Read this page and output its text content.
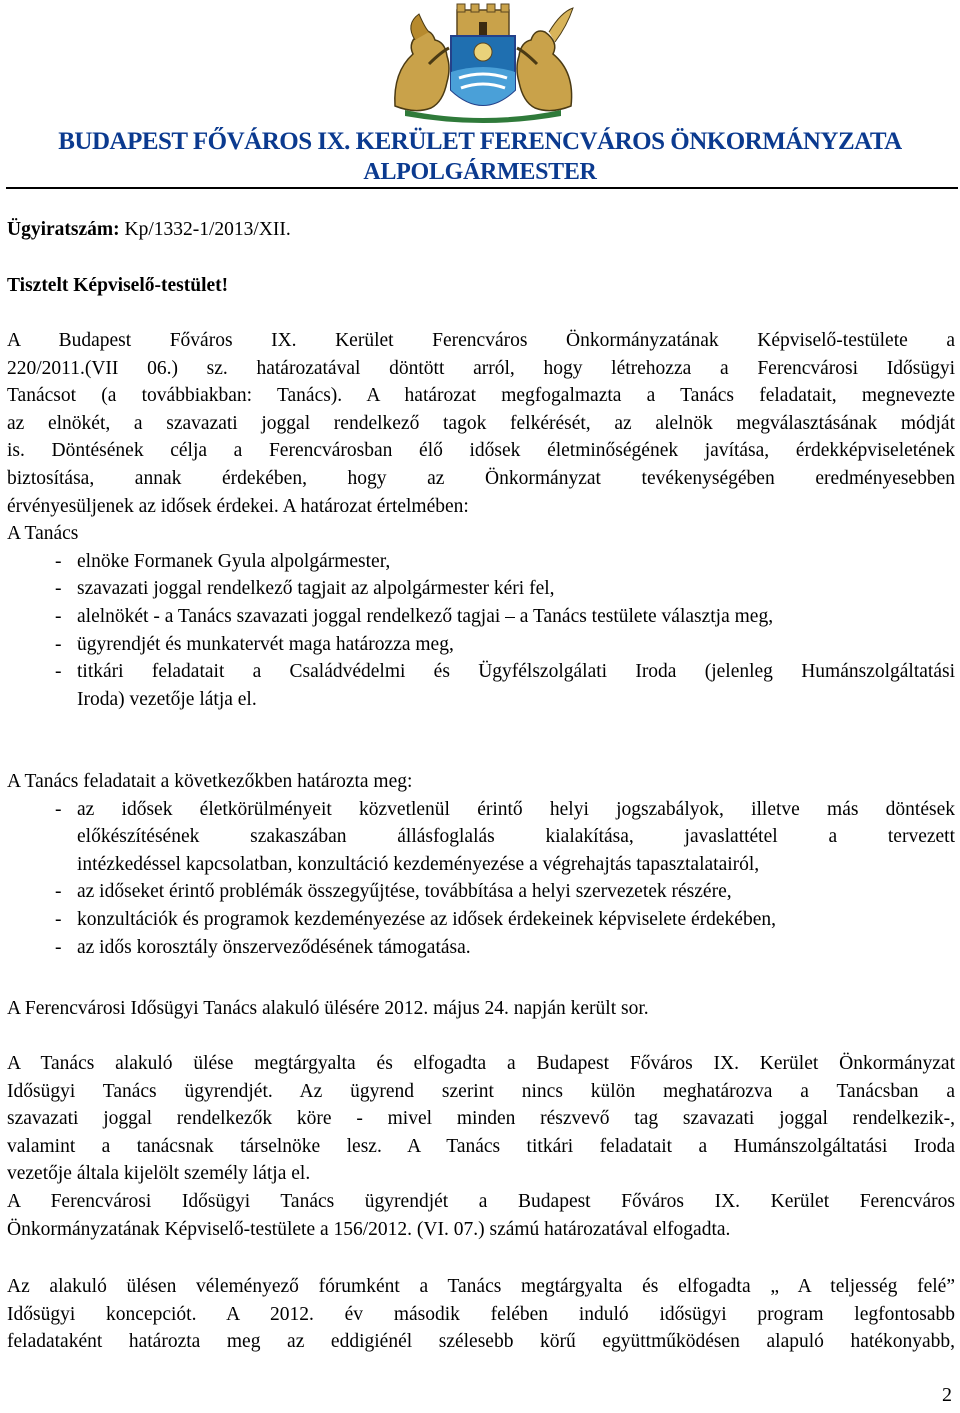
BUDAPEST FŐVÁROS IX. KERÜLET FERENCVÁROS ÖNKORMÁNYZATA
ALPOLGÁRMESTER
Ügyiratszám: Kp/1332-1/2013/XII.
Tisztelt Képviselő-testület!
A Budapest Főváros IX. Kerület Ferencváros Önkormányzatának Képviselő-testülete a
220/2011.(VII 06.) sz. határozatával döntött arról, hogy létrehozza a Ferencvárosi Idősügyi
Tanácsot (a továbbiakban: Tanács). A határozat megfogalmazta a Tanács feladatait, megnevezte
az elnökét, a szavazati joggal rendelkező tagok felkérését, az alelnök megválasztásának módját
is. Döntésének célja a Ferencvárosban élő idősek életminőségének javítása, érdekképviseletének
biztosítása, annak érdekében, hogy az Önkormányzat tevékenységében eredményesebben
érvényesüljenek az idősek érdekei. A határozat értelmében:
A Tanács
- elnöke Formanek Gyula alpolgármester,
- szavazati joggal rendelkező tagjait az alpolgármester kéri fel,
- alelnökét - a Tanács szavazati joggal rendelkező tagjai – a Tanács testülete választja meg,
- ügyrendjét és munkatervét maga határozza meg,
- titkári feladatait a Családvédelmi és Ügyfélszolgálati Iroda (jelenleg Humánszolgáltatási
Iroda) vezetője látja el.
A Tanács feladatait a következőkben határozta meg:
- az idősek életkörülményeit közvetlenül érintő helyi jogszabályok, illetve más döntések
előkészítésének szakaszában állásfoglalás kialakítása, javaslattétel a tervezett
intézkedéssel kapcsolatban, konzultáció kezdeményezése a végrehajtás tapasztalatairól,
- az időseket érintő problémák összegyűjtése, továbbítása a helyi szervezetek részére,
- konzultációk és programok kezdeményezése az idősek érdekeinek képviselete érdekében,
- az idős korosztály önszerveződésének támogatása.
A Ferencvárosi Idősügyi Tanács alakuló ülésére 2012. május 24. napján került sor.
A Tanács alakuló ülése megtárgyalta és elfogadta a Budapest Főváros IX. Kerület Önkormányzat
Idősügyi Tanács ügyrendjét. Az ügyrend szerint nincs külön meghatározva a Tanácsban a
szavazati joggal rendelkezők köre - mivel minden részvevő tag szavazati joggal rendelkezik-,
valamint a tanácsnak társelnöke lesz. A Tanács titkári feladatait a Humánszolgáltatási Iroda
vezetője általa kijelölt személy látja el.
A Ferencvárosi Idősügyi Tanács ügyrendjét a Budapest Főváros IX. Kerület Ferencváros
Önkormányzatának Képviselő-testülete a 156/2012. (VI. 07.) számú határozatával elfogadta.
Az alakuló ülésen véleményező fórumként a Tanács megtárgyalta és elfogadta „ A teljesség felé”
Idősügyi koncepciót. A 2012. év második felében induló idősügyi program legfontosabb
feladataként határozta meg az eddigiénél szélesebb körű együttműködésen alapuló hatékonyabb,
2
